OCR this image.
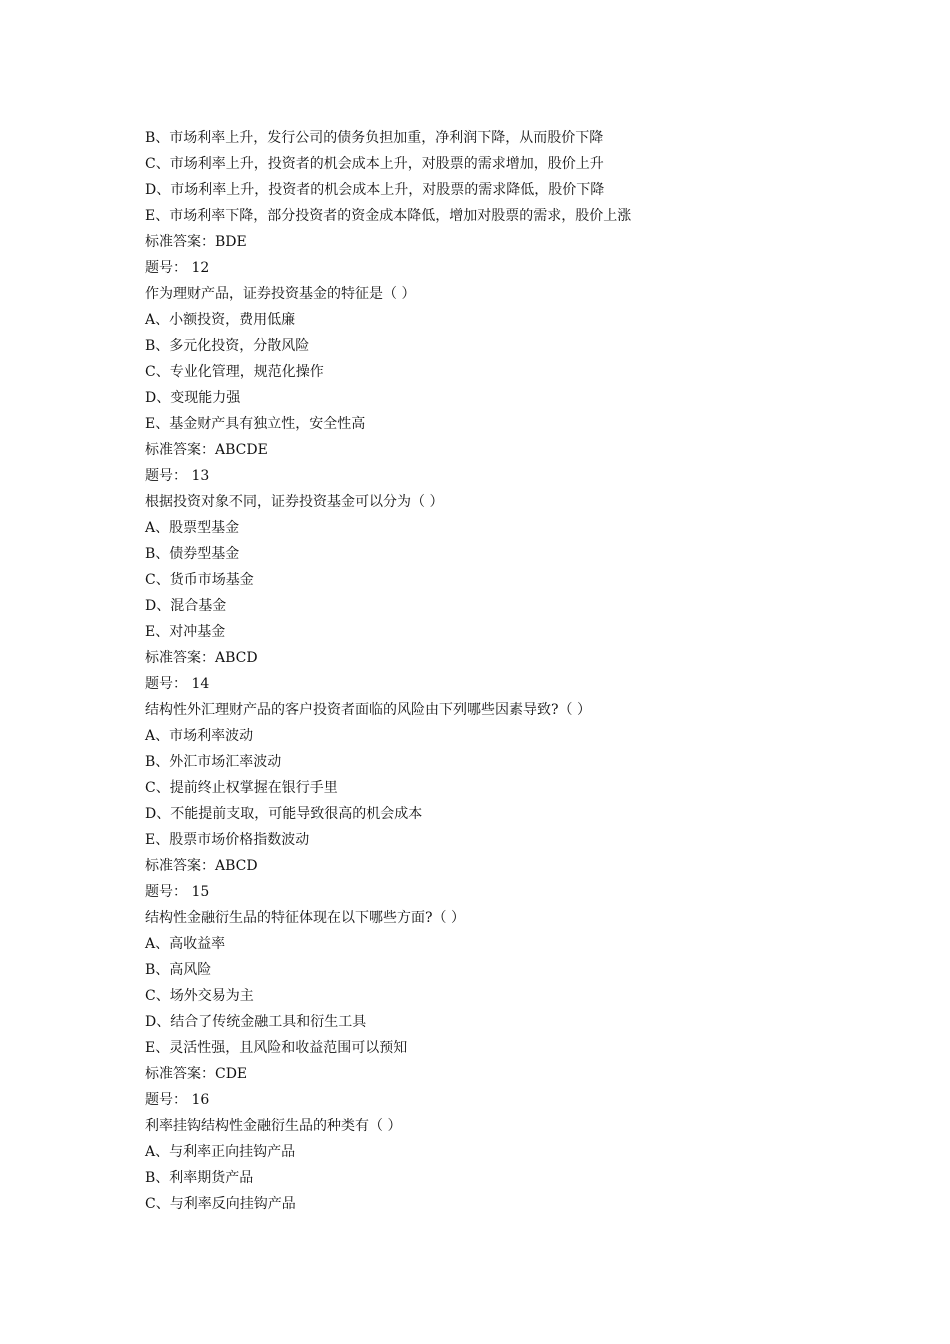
B、市场利率上升，发行公司的债务负担加重，净利润下降，从而股价下降
C、市场利率上升，投资者的机会成本上升，对股票的需求增加，股价上升
D、市场利率上升，投资者的机会成本上升，对股票的需求降低，股价下降
E、市场利率下降，部分投资者的资金成本降低，增加对股票的需求，股价上涨
标准答案：BDE
题号： 12
作为理财产品，证券投资基金的特征是（ ）
A、小额投资，费用低廉
B、多元化投资，分散风险
C、专业化管理，规范化操作
D、变现能力强
E、基金财产具有独立性，安全性高
标准答案：ABCDE
题号： 13
根据投资对象不同，证券投资基金可以分为（ ）
A、股票型基金
B、债券型基金
C、货币市场基金
D、混合基金
E、对冲基金
标准答案：ABCD
题号： 14
结构性外汇理财产品的客户投资者面临的风险由下列哪些因素导致?（ ）
A、市场利率波动
B、外汇市场汇率波动
C、提前终止权掌握在银行手里
D、不能提前支取，可能导致很高的机会成本
E、股票市场价格指数波动
标准答案：ABCD
题号： 15
结构性金融衍生品的特征体现在以下哪些方面?（ ）
A、高收益率
B、高风险
C、场外交易为主
D、结合了传统金融工具和衍生工具
E、灵活性强，且风险和收益范围可以预知
标准答案：CDE
题号： 16
利率挂钩结构性金融衍生品的种类有（ ）
A、与利率正向挂钩产品
B、利率期货产品
C、与利率反向挂钩产品
